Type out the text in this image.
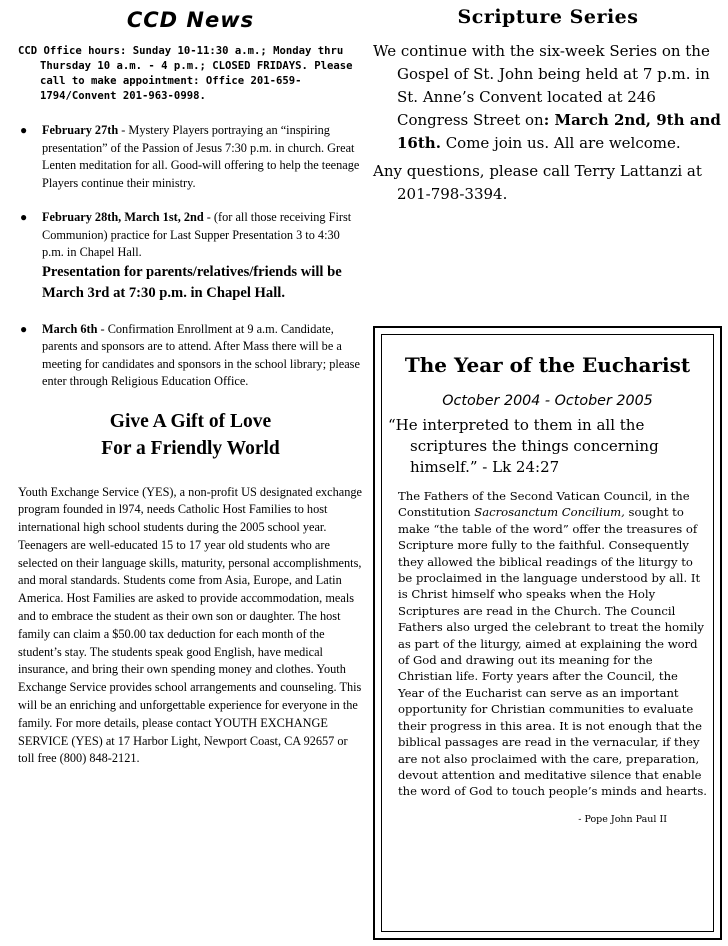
CCD News

CCD Office hours: Sunday 10-11:30 a.m.; Monday thru Thursday 10 a.m. - 4 p.m.; CLOSED FRIDAYS. Please call to make appointment: Office 201-659-1794/Convent 201-963-0998.

● February 27th - Mystery Players portraying an “inspiring presentation” of the Passion of Jesus 7:30 p.m. in church. Great Lenten meditation for all. Good-will offering to help the teenage Players continue their ministry.
● February 28th, March 1st, 2nd - (for all those receiving First Communion) practice for Last Supper Presentation 3 to 4:30 p.m. in Chapel Hall.
Presentation for parents/relatives/friends will be March 3rd at 7:30 p.m. in Chapel Hall.
● March 6th - Confirmation Enrollment at 9 a.m. Candidate, parents and sponsors are to attend. After Mass there will be a meeting for candidates and sponsors in the school library; please enter through Religious Education Office.
Give A Gift of Love
For a Friendly World

Youth Exchange Service (YES), a non-profit US designated exchange program founded in l974, needs Catholic Host Families to host international high school students during the 2005 school year. Teenagers are well-educated 15 to 17 year old students who are selected on their language skills, maturity, personal accomplishments, and moral standards. Students come from Asia, Europe, and Latin America. Host Families are asked to provide accommodation, meals and to embrace the student as their own son or daughter. The host family can claim a $50.00 tax deduction for each month of the student’s stay. The students speak good English, have medical insurance, and bring their own spending money and clothes. Youth Exchange Service provides school arrangements and counseling. This will be an enriching and unforgettable experience for everyone in the family. For more details, please contact YOUTH EXCHANGE SERVICE (YES) at 17 Harbor Light, Newport Coast, CA 92657 or toll free (800) 848-2121.

Scripture Series

We continue with the six-week Series on the Gospel of St. John being held at 7 p.m. in St. Anne’s Convent located at 246 Congress Street on: March 2nd, 9th and 16th. Come join us. All are welcome.

Any questions, please call Terry Lattanzi at 201-798-3394.

The Year of the Eucharist

October 2004 - October 2005

“He interpreted to them in all the scriptures the things concerning himself.” - Lk 24:27

The Fathers of the Second Vatican Council, in the Constitution Sacrosanctum Concilium, sought to make “the table of the word” offer the treasures of Scripture more fully to the faithful. Consequently they allowed the biblical readings of the liturgy to be proclaimed in the language understood by all. It is Christ himself who speaks when the Holy Scriptures are read in the Church. The Council Fathers also urged the celebrant to treat the homily as part of the liturgy, aimed at explaining the word of God and drawing out its meaning for the Christian life. Forty years after the Council, the Year of the Eucharist can serve as an important opportunity for Christian communities to evaluate their progress in this area. It is not enough that the biblical passages are read in the vernacular, if they are not also proclaimed with the care, preparation, devout attention and meditative silence that enable the word of God to touch people’s minds and hearts.

- Pope John Paul II
